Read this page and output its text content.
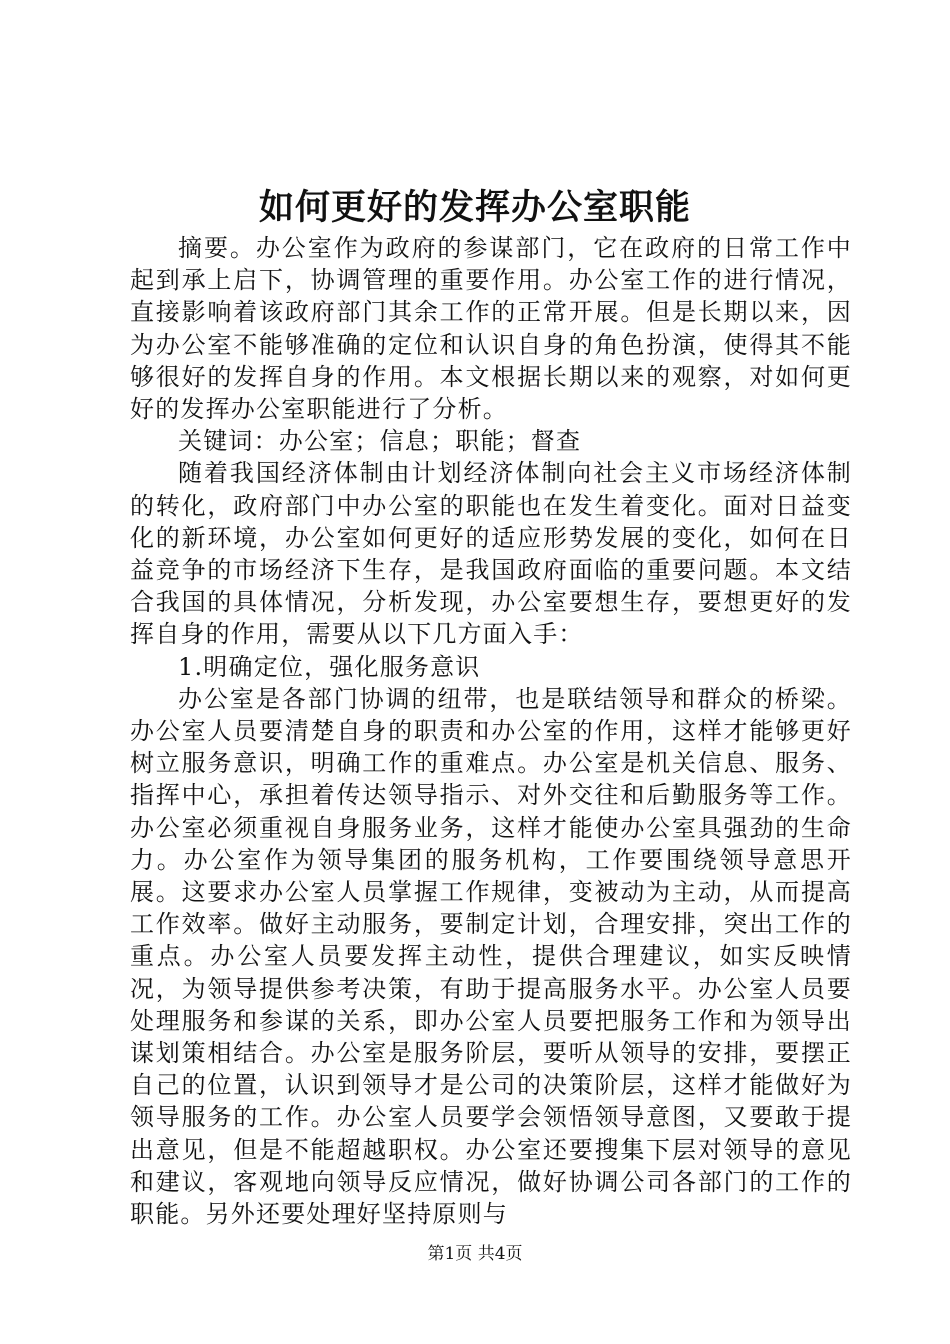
如何更好的发挥办公室职能

摘要。办公室作为政府的参谋部门，它在政府的日常工作中起到承上启下，协调管理的重要作用。办公室工作的进行情况，直接影响着该政府部门其余工作的正常开展。但是长期以来，因为办公室不能够准确的定位和认识自身的角色扮演，使得其不能够很好的发挥自身的作用。本文根据长期以来的观察，对如何更好的发挥办公室职能进行了分析。

关键词：办公室；信息；职能；督查

随着我国经济体制由计划经济体制向社会主义市场经济体制的转化，政府部门中办公室的职能也在发生着变化。面对日益变化的新环境，办公室如何更好的适应形势发展的变化，如何在日益竞争的市场经济下生存，是我国政府面临的重要问题。本文结合我国的具体情况，分析发现，办公室要想生存，要想更好的发挥自身的作用，需要从以下几方面入手：

1.明确定位，强化服务意识

办公室是各部门协调的纽带，也是联结领导和群众的桥梁。办公室人员要清楚自身的职责和办公室的作用，这样才能够更好树立服务意识，明确工作的重难点。办公室是机关信息、服务、指挥中心，承担着传达领导指示、对外交往和后勤服务等工作。办公室必须重视自身服务业务，这样才能使办公室具强劲的生命力。办公室作为领导集团的服务机构，工作要围绕领导意思开展。这要求办公室人员掌握工作规律，变被动为主动，从而提高工作效率。做好主动服务，要制定计划，合理安排，突出工作的重点。办公室人员要发挥主动性，提供合理建议，如实反映情况，为领导提供参考决策，有助于提高服务水平。办公室人员要处理服务和参谋的关系，即办公室人员要把服务工作和为领导出谋划策相结合。办公室是服务阶层，要听从领导的安排，要摆正自己的位置，认识到领导才是公司的决策阶层，这样才能做好为领导服务的工作。办公室人员要学会领悟领导意图，又要敢于提出意见，但是不能超越职权。办公室还要搜集下层对领导的意见和建议，客观地向领导反应情况，做好协调公司各部门的工作的职能。另外还要处理好坚持原则与

第1页 共4页
